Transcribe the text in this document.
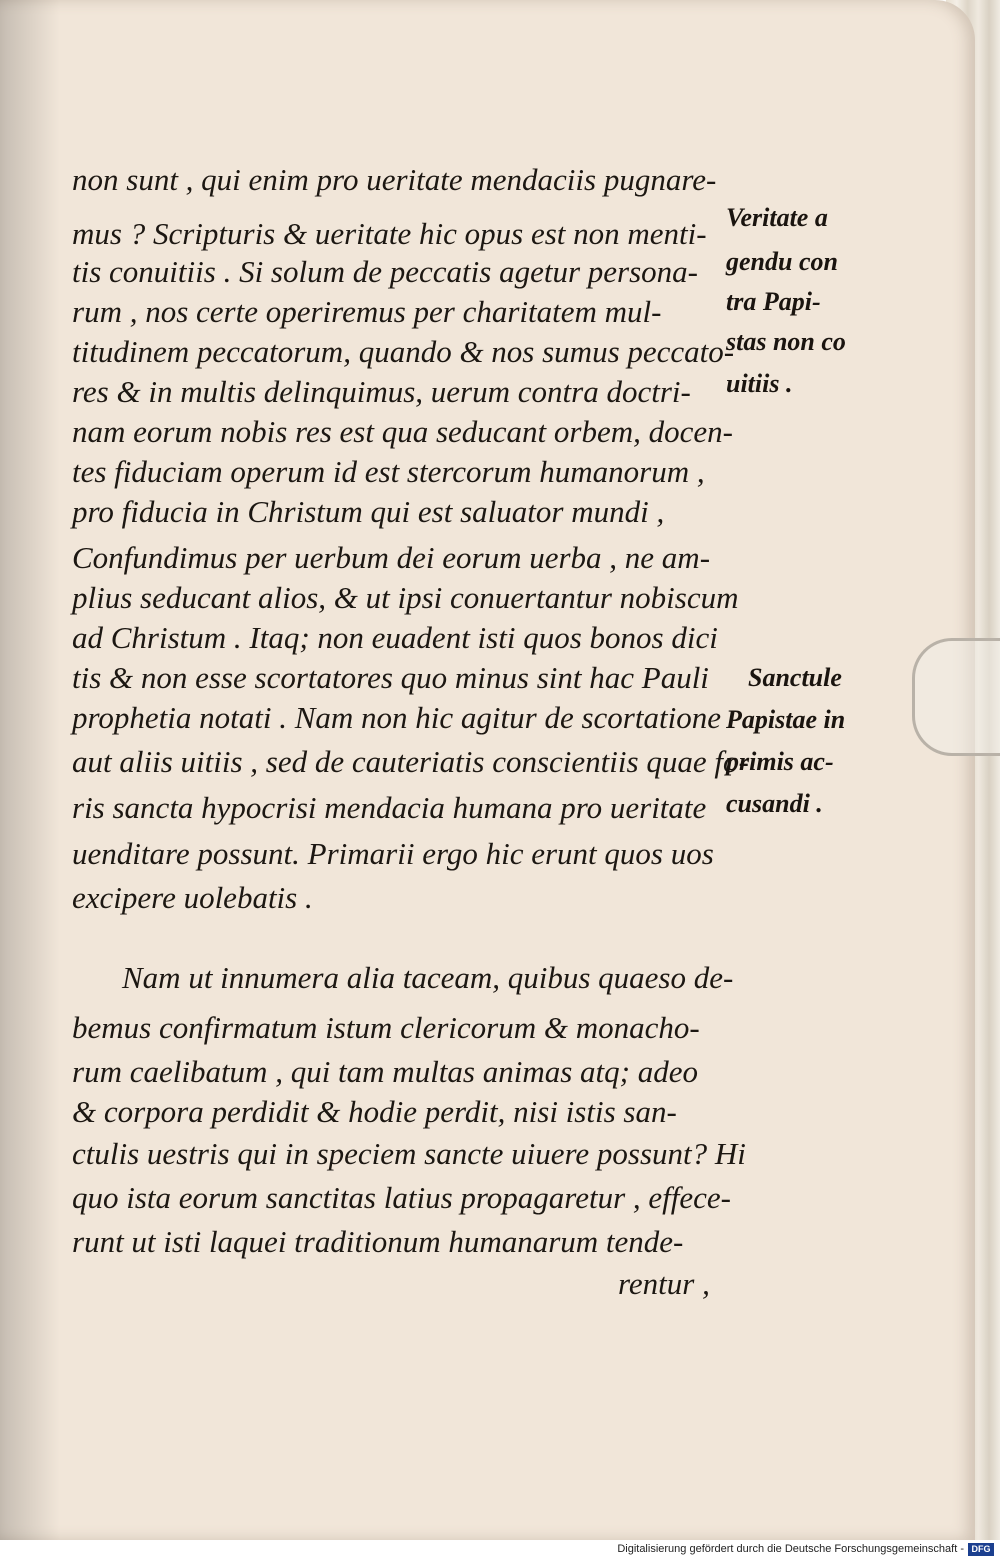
non sunt , qui enim pro ueritate mendaciis pugnare-
mus ? Scripturis & ueritate hic opus est non menti-
tis conuitiis . Si solum de peccatis agetur persona-
rum , nos certe operiremus per charitatem mul-
titudinem peccatorum, quando & nos sumus peccato-
res & in multis delinquimus, uerum contra doctri-
nam eorum nobis res est qua seducant orbem, docen-
tes fiduciam operum id est stercorum humanorum ,
pro fiducia in Christum qui est saluator mundi ,
Confundimus per uerbum dei eorum uerba , ne am-
plius seducant alios, & ut ipsi conuertantur nobiscum
ad Christum . Itaq; non euadent isti quos bonos dici
tis & non esse scortatores quo minus sint hac Pauli
prophetia notati . Nam non hic agitur de scortatione
aut aliis uitiis , sed de cauteriatis conscientiis quae fo-
ris sancta hypocrisi mendacia humana pro ueritate
uenditare possunt. Primarii ergo hic erunt quos uos
excipere uolebatis .
Nam ut innumera alia taceam, quibus quaeso de-
bemus confirmatum istum clericorum & monacho-
rum caelibatum , qui tam multas animas atq; adeo
& corpora perdidit & hodie perdit, nisi istis san-
ctulis uestris qui in speciem sancte uiuere possunt? Hi
quo ista eorum sanctitas latius propagaretur , effece-
runt ut isti laquei traditionum humanarum tende-
rentur ,
Veritate a
gendu con
tra Papi-
stas non co
uitiis .
Sanctule
Papistae in
primis ac-
cusandi .
Digitalisierung gefördert durch die Deutsche Forschungsgemeinschaft - DFG
